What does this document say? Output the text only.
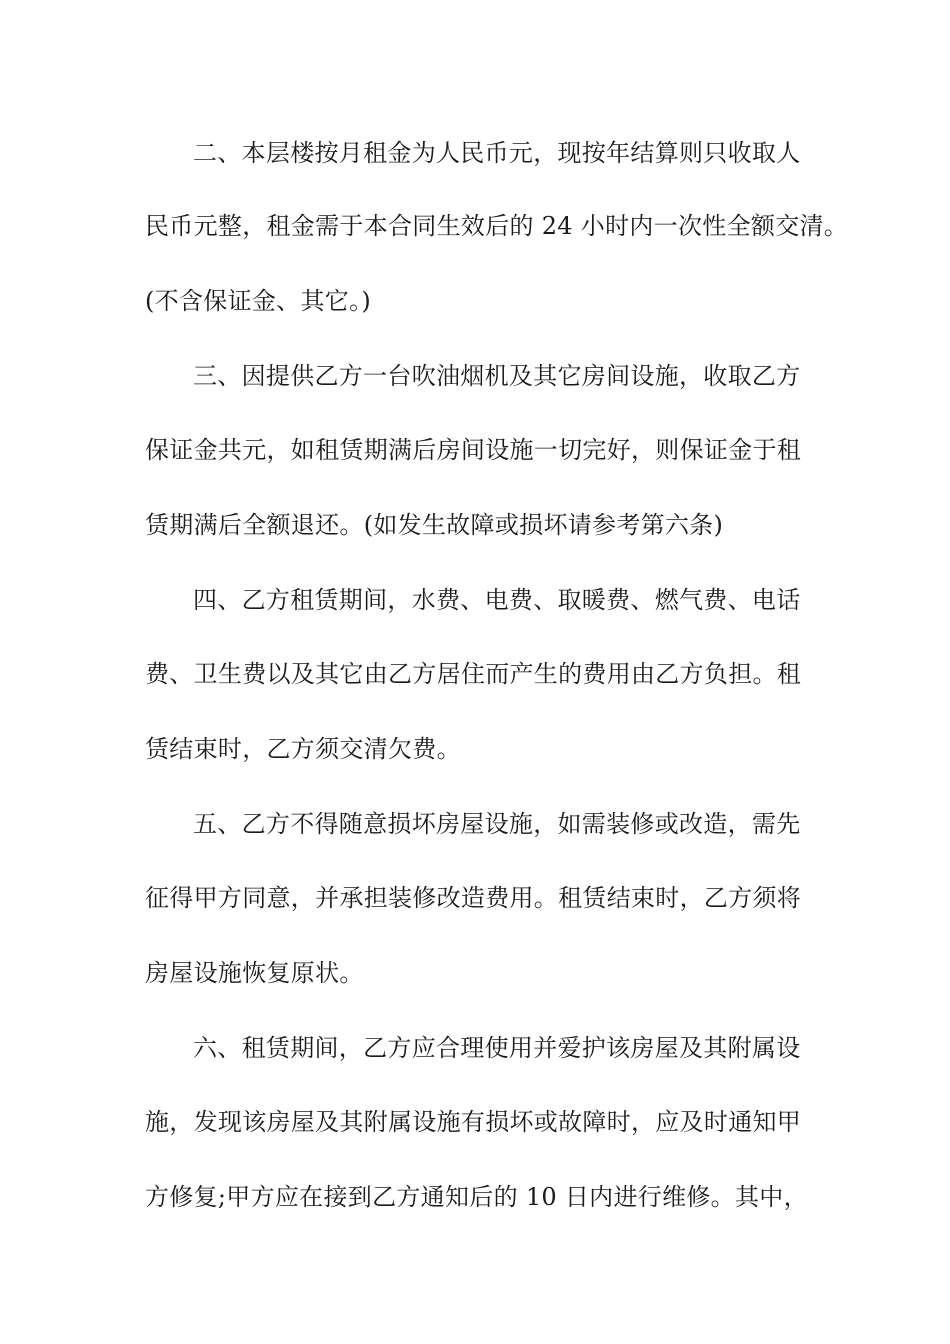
二、本层楼按月租金为人民币元，现按年结算则只收取人
民币元整，租金需于本合同生效后的 24 小时内一次性全额交清。
(不含保证金、其它。)
三、因提供乙方一台吹油烟机及其它房间设施，收取乙方
保证金共元，如租赁期满后房间设施一切完好，则保证金于租
赁期满后全额退还。(如发生故障或损坏请参考第六条)
四、乙方租赁期间，水费、电费、取暖费、燃气费、电话
费、卫生费以及其它由乙方居住而产生的费用由乙方负担。租
赁结束时，乙方须交清欠费。
五、乙方不得随意损坏房屋设施，如需装修或改造，需先
征得甲方同意，并承担装修改造费用。租赁结束时，乙方须将
房屋设施恢复原状。
六、租赁期间，乙方应合理使用并爱护该房屋及其附属设
施，发现该房屋及其附属设施有损坏或故障时，应及时通知甲
方修复;甲方应在接到乙方通知后的 10 日内进行维修。其中，
